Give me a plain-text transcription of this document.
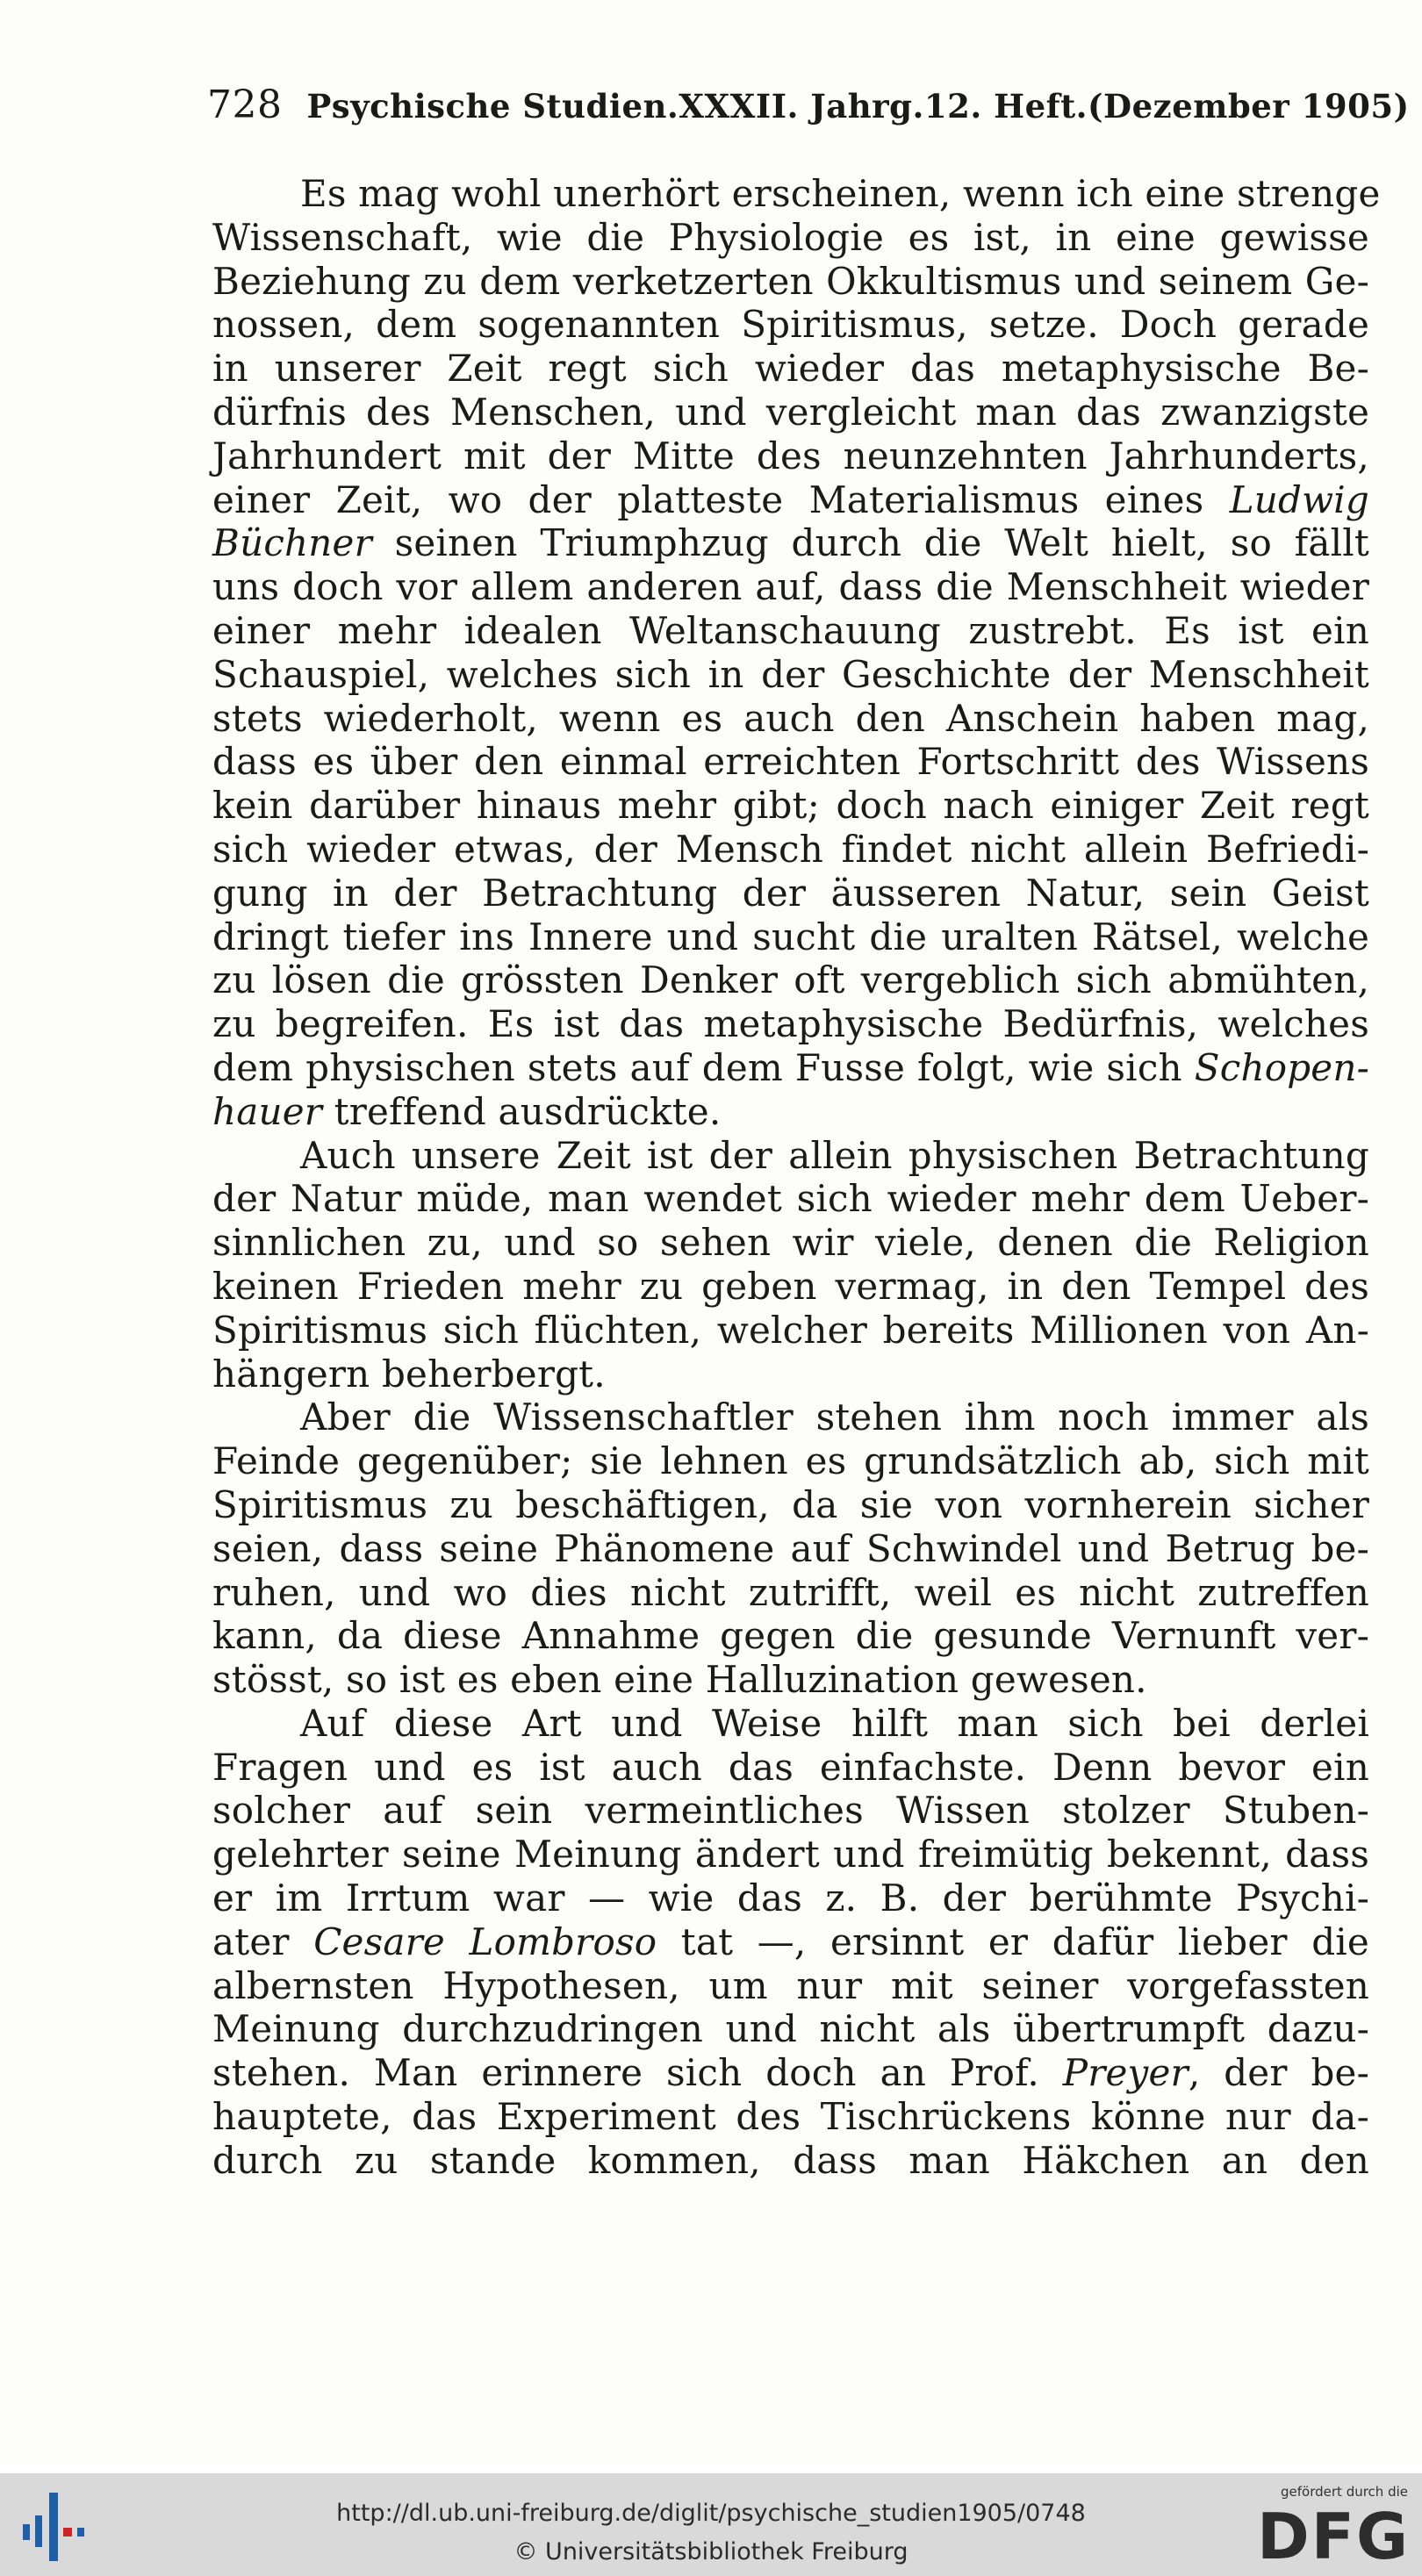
728 Psychische Studien. XXXII. Jahrg. 12. Heft. (Dezember 1905)
Es mag wohl unerhört erscheinen, wenn ich eine strenge
Wissenschaft, wie die Physiologie es ist, in eine gewisse
Beziehung zu dem verketzerten Okkultismus und seinem Ge-
nossen, dem sogenannten Spiritismus, setze. Doch gerade
in unserer Zeit regt sich wieder das metaphysische Be-
dürfnis des Menschen, und vergleicht man das zwanzigste
Jahrhundert mit der Mitte des neunzehnten Jahrhunderts,
einer Zeit, wo der platteste Materialismus eines Ludwig
Büchner seinen Triumphzug durch die Welt hielt, so fällt
uns doch vor allem anderen auf, dass die Menschheit wieder
einer mehr idealen Weltanschauung zustrebt. Es ist ein
Schauspiel, welches sich in der Geschichte der Menschheit
stets wiederholt, wenn es auch den Anschein haben mag,
dass es über den einmal erreichten Fortschritt des Wissens
kein darüber hinaus mehr gibt; doch nach einiger Zeit regt
sich wieder etwas, der Mensch findet nicht allein Befriedi-
gung in der Betrachtung der äusseren Natur, sein Geist
dringt tiefer ins Innere und sucht die uralten Rätsel, welche
zu lösen die grössten Denker oft vergeblich sich abmühten,
zu begreifen. Es ist das metaphysische Bedürfnis, welches
dem physischen stets auf dem Fusse folgt, wie sich Schopen-
hauer treffend ausdrückte.
Auch unsere Zeit ist der allein physischen Betrachtung
der Natur müde, man wendet sich wieder mehr dem Ueber-
sinnlichen zu, und so sehen wir viele, denen die Religion
keinen Frieden mehr zu geben vermag, in den Tempel des
Spiritismus sich flüchten, welcher bereits Millionen von An-
hängern beherbergt.
Aber die Wissenschaftler stehen ihm noch immer als
Feinde gegenüber; sie lehnen es grundsätzlich ab, sich mit
Spiritismus zu beschäftigen, da sie von vornherein sicher
seien, dass seine Phänomene auf Schwindel und Betrug be-
ruhen, und wo dies nicht zutrifft, weil es nicht zutreffen
kann, da diese Annahme gegen die gesunde Vernunft ver-
stösst, so ist es eben eine Halluzination gewesen.
Auf diese Art und Weise hilft man sich bei derlei
Fragen und es ist auch das einfachste. Denn bevor ein
solcher auf sein vermeintliches Wissen stolzer Stuben-
gelehrter seine Meinung ändert und freimütig bekennt, dass
er im Irrtum war — wie das z. B. der berühmte Psychi-
ater Cesare Lombroso tat —, ersinnt er dafür lieber die
albernsten Hypothesen, um nur mit seiner vorgefassten
Meinung durchzudringen und nicht als übertrumpft dazu-
stehen. Man erinnere sich doch an Prof. Preyer, der be-
hauptete, das Experiment des Tischrückens könne nur da-
durch zu stande kommen, dass man Häkchen an den
http://dl.ub.uni-freiburg.de/diglit/psychische_studien1905/0748
© Universitätsbibliothek Freiburg
gefördert durch die
DFG
